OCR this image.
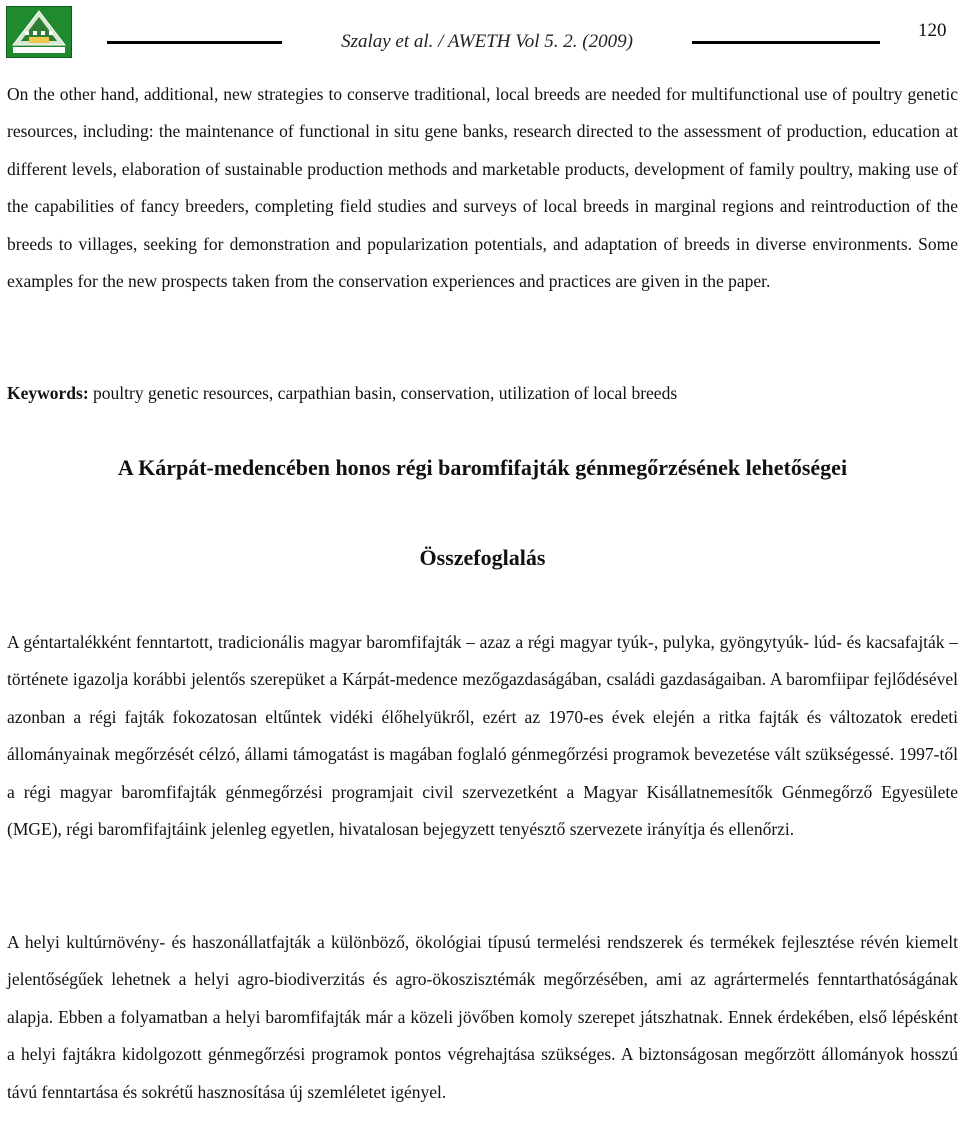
Szalay et al. / AWETH Vol 5. 2. (2009)
120

On the other hand, additional, new strategies to conserve traditional, local breeds are needed for multifunctional use of poultry genetic resources, including: the maintenance of functional in situ gene banks, research directed to the assessment of production, education at different levels, elaboration of sustainable production methods and marketable products, development of family poultry, making use of the capabilities of fancy breeders, completing field studies and surveys of local breeds in marginal regions and reintroduction of the breeds to villages, seeking for demonstration and popularization potentials, and adaptation of breeds in diverse environments. Some examples for the new prospects taken from the conservation experiences and practices are given in the paper.

Keywords: poultry genetic resources, carpathian basin, conservation, utilization of local breeds

A Kárpát-medencében honos régi baromfifajták génmegőrzésének lehetőségei
Összefoglalás

A géntartalékként fenntartott, tradicionális magyar baromfifajták – azaz a régi magyar tyúk-, pulyka, gyöngytyúk- lúd- és kacsafajták – története igazolja korábbi jelentős szerepüket a Kárpát-medence mezőgazdaságában, családi gazdaságaiban. A baromfiipar fejlődésével azonban a régi fajták fokozatosan eltűntek vidéki élőhelyükről, ezért az 1970-es évek elején a ritka fajták és változatok eredeti állományainak megőrzését célzó, állami támogatást is magában foglaló génmegőrzési programok bevezetése vált szükségessé. 1997-től a régi magyar baromfifajták génmegőrzési programjait civil szervezetként a Magyar Kisállatnemesítők Génmegőrző Egyesülete (MGE), régi baromfifajtáink jelenleg egyetlen, hivatalosan bejegyzett tenyésztő szervezete irányítja és ellenőrzi.

A helyi kultúrnövény- és haszonállatfajták a különböző, ökológiai típusú termelési rendszerek és termékek fejlesztése révén kiemelt jelentőségűek lehetnek a helyi agro-biodiverzitás és agro-ökoszisztémák megőrzésében, ami az agrártermelés fenntarthatóságának alapja. Ebben a folyamatban a helyi baromfifajták már a közeli jövőben komoly szerepet játszhatnak. Ennek érdekében, első lépésként a helyi fajtákra kidolgozott génmegőrzési programok pontos végrehajtása szükséges. A biztonságosan megőrzött állományok hosszú távú fenntartása és sokrétű hasznosítása új szemléletet igényel.
